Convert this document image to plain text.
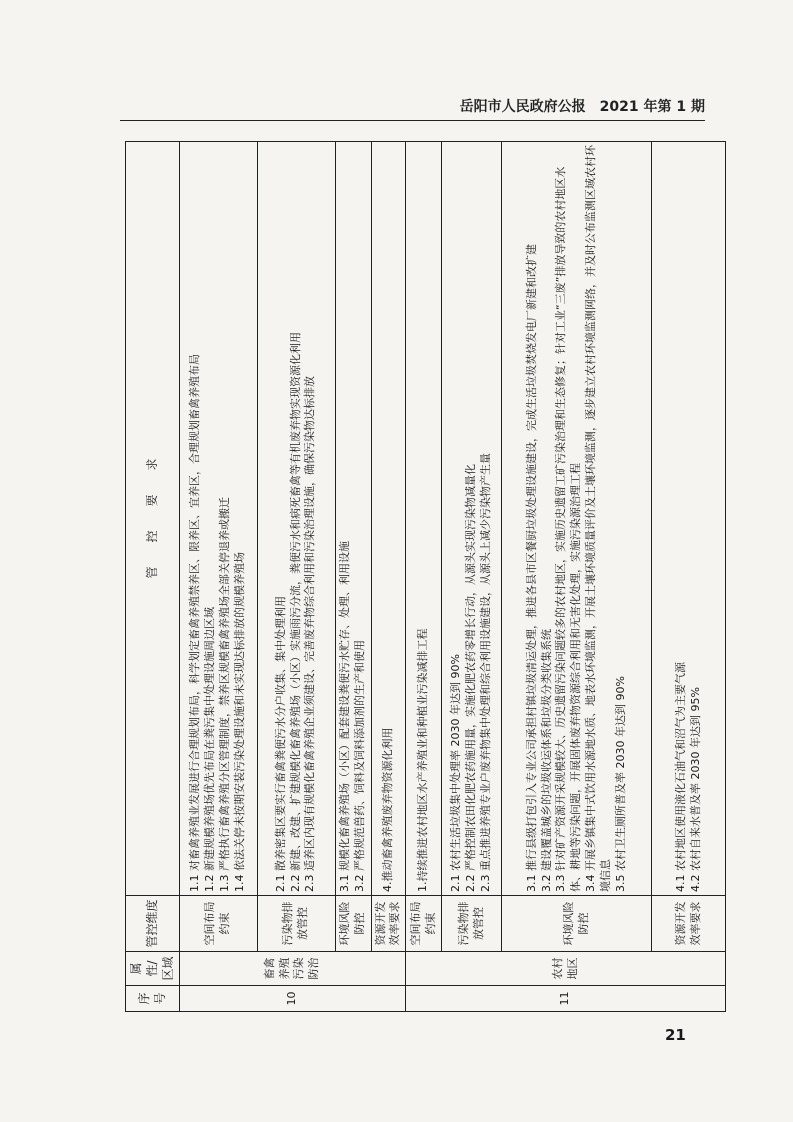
岳阳市人民政府公报　2021 年第 1 期
序号	属性/区域	管控维度	管　　控　　要　　求
10	畜禽养殖污染防治	空间布局约束	1.1 对畜禽养殖业发展进行合理规划布局，科学划定畜禽养殖禁养区、限养区、宜养区，合理规划畜禽养殖布局 1.2 新建规模养殖场优先布局在粪污集中处理设施周边区域 1.3 严格执行畜禽养殖分区管理制度，禁养区规模畜禽养殖场全部关停退养或搬迁 1.4 依法关停未按期安装污染处理设施和未实现达标排放的规模养殖场

		污染物排放管控	2.1 散养密集区要实行畜禽粪便污水分户收集、集中处理利用 2.2 新建、改建、扩建规模化畜禽养殖场（小区）实施雨污分流，粪便污水和病死畜禽等有机废弃物实现资源化利用 2.3 适养区内现有规模化畜禽养殖企业须建设、完善废弃物综合利用和污染治理设施，确保污染物达标排放

		环境风险防控	3.1 规模化畜禽养殖场（小区）配套建设粪便污水贮存、处理、利用设施 3.2 严格规范兽药、饲料及饲料添加剂的生产和使用

		资源开发效率要求	4.推动畜禽养殖废弃物资源化利用

11	农村地区	空间布局约束	1.持续推进农村地区水产养殖业和种植业污染减排工程

		污染物排放管控	2.1 农村生活垃圾集中处理率 2030 年达到 90% 2.2 严格控制农田化肥农药施用量，实施化肥农药零增长行动，从源头实现污染物减量化 2.3 重点推进养殖专业户废弃物集中处理和综合利用设施建设，从源头上减少污染物产生量

		环境风险防控	3.1 推行县级打包引入专业公司承担村镇垃圾清运处理，推进各县市区餐厨垃圾处理设施建设，完成生活垃圾焚烧发电厂新建和改扩建 3.2 建设覆盖城乡的垃圾收运体系和垃圾分类收集系统 3.3 针对矿产资源开采规模较大、历史遗留污染问题较多的农村地区，实施历史遗留工矿污染治理和生态修复；针对工业“三废”排放导致的农村地区水体、耕地等污染问题，开展固体废弃物资源综合利用和无害化处理，实施污染源治理工程 3.4 开展乡镇集中式饮用水源地水质、地表水环境监测，开展土壤环境质量评价及土壤环境监测，逐步建立农村环境监测网络，并及时公布监测区域农村环境信息 3.5 农村卫生厕所普及率 2030 年达到 90%

		资源开发效率要求	4.1 农村地区使用液化石油气和沼气为主要气源 4.2 农村自来水普及率 2030 年达到 95%
21
